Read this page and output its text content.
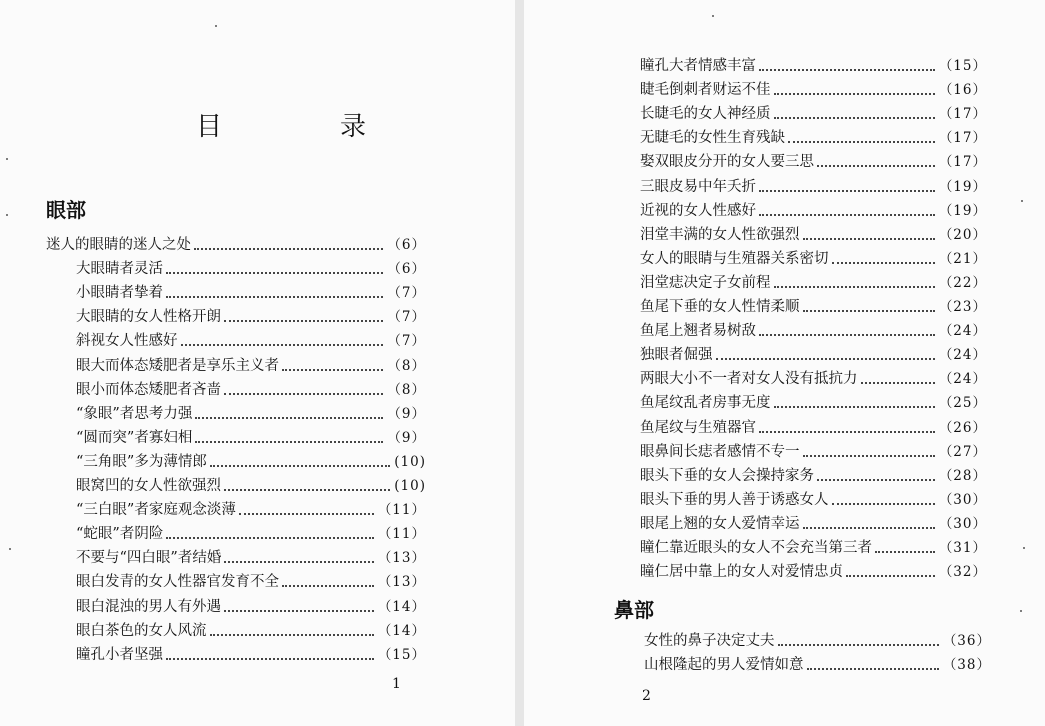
目　录
眼部
迷人的眼睛的迷人之处	（6）
大眼睛者灵活	（6）
小眼睛者挚着	（7）
大眼睛的女人性格开朗	（7）
斜视女人性感好	（7）
眼大而体态矮肥者是享乐主义者	（8）
眼小而体态矮肥者吝啬	（8）
“象眼”者思考力强	（9）
“圆而突”者寡妇相	（9）
“三角眼”多为薄情郎	(10)
眼窝凹的女人性欲强烈	(10)
“三白眼”者家庭观念淡薄	（11）
“蛇眼”者阴险	（11）
不要与“四白眼”者结婚	（13）
眼白发青的女人性器官发育不全	（13）
眼白混浊的男人有外遇	（14）
眼白茶色的女人风流	（14）
瞳孔小者坚强	（15）
1
瞳孔大者情感丰富	（15）
睫毛倒刺者财运不佳	（16）
长睫毛的女人神经质	（17）
无睫毛的女性生育残缺	（17）
娶双眼皮分开的女人要三思	（17）
三眼皮易中年夭折	（19）
近视的女人性感好	（19）
泪堂丰满的女人性欲强烈	（20）
女人的眼睛与生殖器关系密切	（21）
泪堂痣决定子女前程	（22）
鱼尾下垂的女人性情柔顺	（23）
鱼尾上翘者易树敌	（24）
独眼者倔强	（24）
两眼大小不一者对女人没有抵抗力	（24）
鱼尾纹乱者房事无度	（25）
鱼尾纹与生殖器官	（26）
眼鼻间长痣者感情不专一	（27）
眼头下垂的女人会操持家务	（28）
眼头下垂的男人善于诱惑女人	（30）
眼尾上翘的女人爱情幸运	（30）
瞳仁靠近眼头的女人不会充当第三者	（31）
瞳仁居中靠上的女人对爱情忠贞	（32）
鼻部
女性的鼻子决定丈夫	（36）
山根隆起的男人爱情如意	（38）
2
